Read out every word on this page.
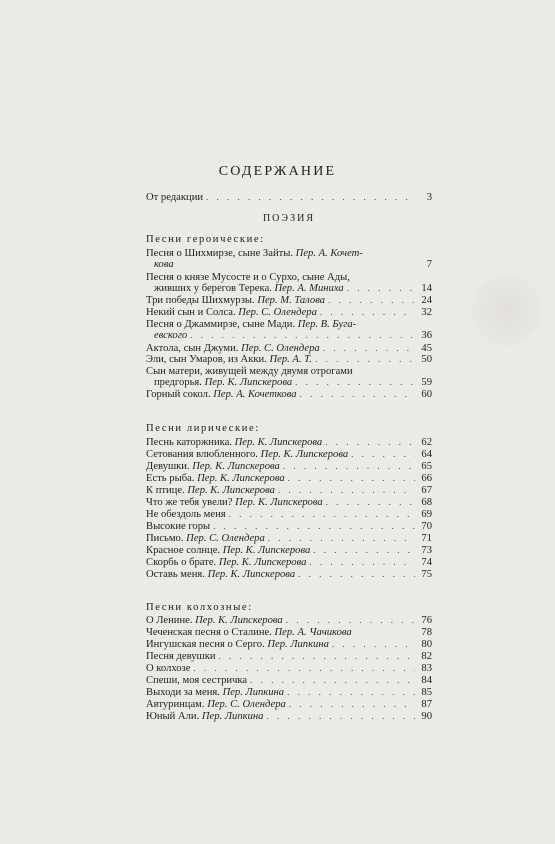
СОДЕРЖАНИЕ
От редакции . . .	3
ПОЭЗИЯ
Песни героические:
Песня о Шихмирзе, сыне Зайты.
Пер. А. Кочет-
кова	7
Песня о князе Мусосте и о Сурхо, сыне Ады,
живших у берегов Терека.
Пер. А. Миниха . . .	14
Три победы Шихмурзы.
Пер. М. Талова . . .	24
Некий сын и Солса.
Пер. С. Олендера . . .	32
Песня о Джаммирзе, сыне Мади.
Пер. В. Буга-
евского . . .	36
Актола, сын Джуми.
Пер. С. Олендера . . .	45
Эли, сын Умаров, из Акки.
Пер. А. Т. . . .	50
Сын матери, живущей между двумя отрогами
предгорья.
Пер. К. Липскерова . . .	59
Горный сокол.
Пер. А. Кочеткова . . .	60
Песни лирические:
Песнь каторжника.
Пер. К. Липскерова . . .	62
Сетования влюбленного.
Пер. К. Липскерова . . .	64
Девушки.
Пер. К. Липскерова . . .	65
Есть рыба.
Пер. К. Липскерова . . .	66
К птице.
Пер. К. Липскерова . . .	67
Что же тебя увели?
Пер. К. Липскерова . . .	68
Не обездоль меня . . .	69
Высокие горы . . .	70
Письмо.
Пер. С. Олендера . . .	71
Красное солнце.
Пер. К. Липскерова . . .	73
Скорбь о брате.
Пер. К. Липскерова . . .	74
Оставь меня.
Пер. К. Липскерова . . .	75
Песни колхозные:
О Ленине.
Пер. К. Липскерова . . .	76
Чеченская песня о Сталине.
Пер. А. Чачикова	78
Ингушская песня о Серго.
Пер. Липкина . . .	80
Песня девушки . . .	82
О колхозе . . .	83
Спеши, моя сестричка . . .	84
Выходи за меня.
Пер. Липкина . . .	85
Автуринцам.
Пер. С. Олендера . . .	87
Юный Али.
Пер. Липкина . . .	90
